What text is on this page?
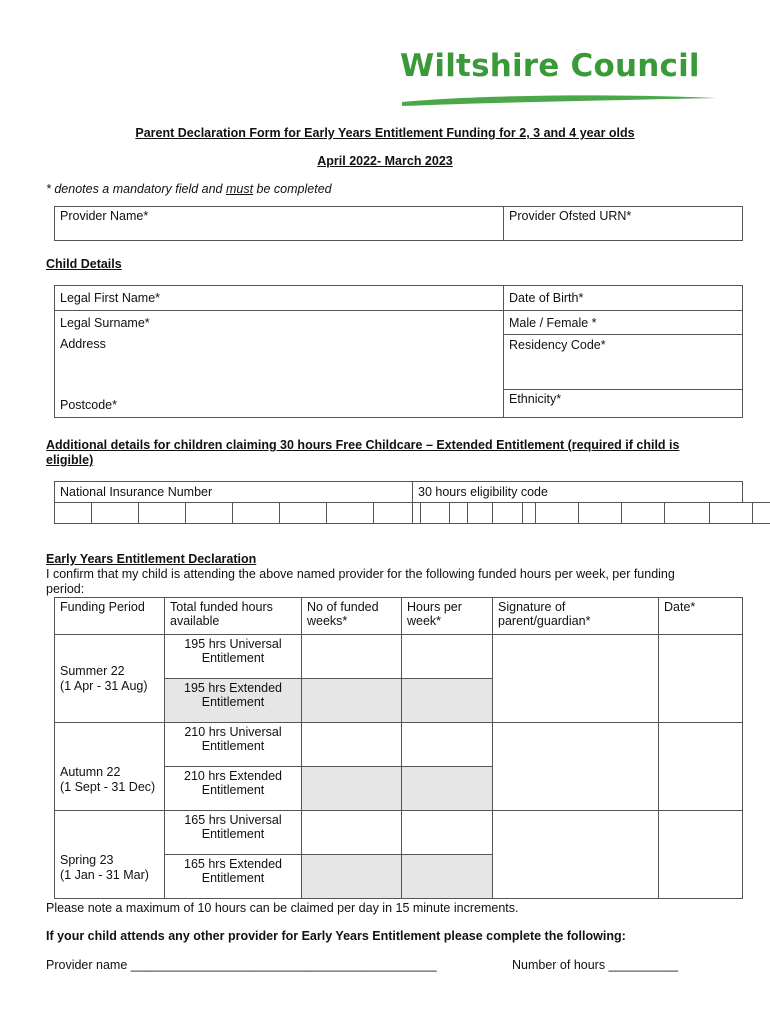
Wiltshire Council
Parent Declaration Form for Early Years Entitlement Funding for 2, 3 and 4 year olds
April 2022- March 2023
* denotes a mandatory field and must be completed
Provider Name*	Provider Ofsted URN*
Child Details
Legal First Name*	Date of Birth*
Legal Surname*	Male / Female *
Address	Residency Code*
Postcode*	Ethnicity*
Additional details for children claiming 30 hours Free Childcare – Extended Entitlement (required if child is eligible)
National Insurance Number	30 hours eligibility code

Early Years Entitlement Declaration
I confirm that my child is attending the above named provider for the following funded hours per week, per funding period:
Funding Period	Total funded hours available	No of funded weeks*	Hours per week*	Signature of parent/guardian*	Date*
Summer 22
(1 Apr - 31 Aug)	195 hrs Universal Entitlement				
	195 hrs Extended Entitlement				
Autumn 22
(1 Sept - 31 Dec)	210 hrs Universal Entitlement				
	210 hrs Extended Entitlement				
Spring 23
(1 Jan - 31 Mar)	165 hrs Universal Entitlement				
	165 hrs Extended Entitlement				
Please note a maximum of 10 hours can be claimed per day in 15 minute increments.
If your child attends any other provider for Early Years Entitlement please complete the following:
Provider name ____________________________________________	Number of hours __________
